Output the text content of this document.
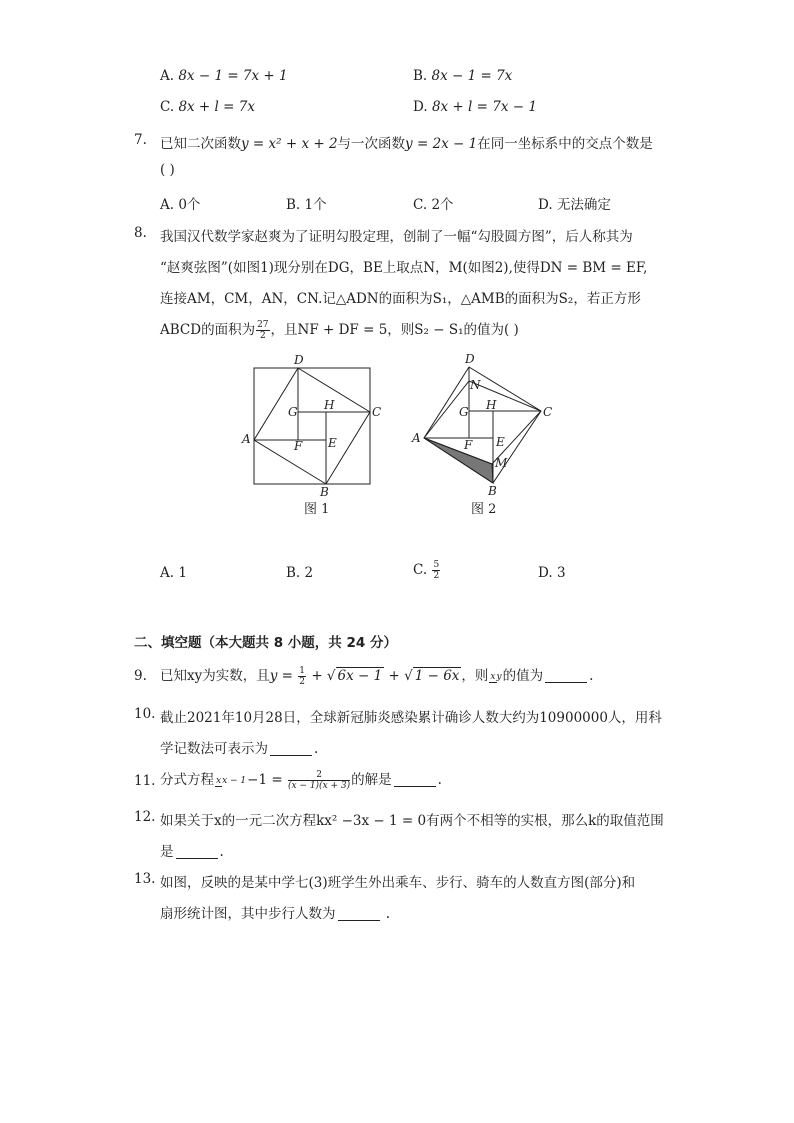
A. 8x − 1 = 7x + 1	B. 8x − 1 = 7x
C. 8x + l = 7x	D. 8x + l = 7x − 1
7. 已知二次函数y = x² + x + 2与一次函数y = 2x − 1在同一坐标系中的交点个数是
( )
A. 0个	B. 1个	C. 2个	D. 无法确定
8. 我国汉代数学家赵爽为了证明勾股定理，创制了一幅“勾股圆方图”，后人称其为
“赵爽弦图”(如图1)现分别在DG，BE上取点N，M(如图2),使得DN = BM = EF,
连接AM，CM，AN，CN.记△ADN的面积为S₁，△AMB的面积为S₂，若正方形
ABCD的面积为 $\frac{27}{2}$ ，且NF + DF = 5，则S₂ − S₁的值为( )
D
C
A
B
G H
F E
图 1
D
N
C
A
G H
F E
M
B
图 2
A. 1	B. 2	C. $\frac{5}{2}$	D. 3
二、填空题（本大题共 8 小题，共 24 分）
9. 已知xy为实数，且$y = \frac{1}{2}$ + √ 6x − 1 + √ 1 − 6x ，则 xy的值为	.
10. 截止2021年10月28日，全球新冠肺炎感染累计确诊人数大约为10900000人，用科
学记数法可表示为	.
11. 分式方程 xx − $1-1 = \frac{2}{(x - 1)(x + 3)}$的解是	.
12. 如果关于x的一元二次方程kx² −3x − 1 = 0有两个不相等的实根，那么k的取值范围
是	.
13. 如图，反映的是某中学七(3)班学生外出乘车、步行、骑车的人数直方图(部分)和
扇形统计图，其中步行人数为	.
